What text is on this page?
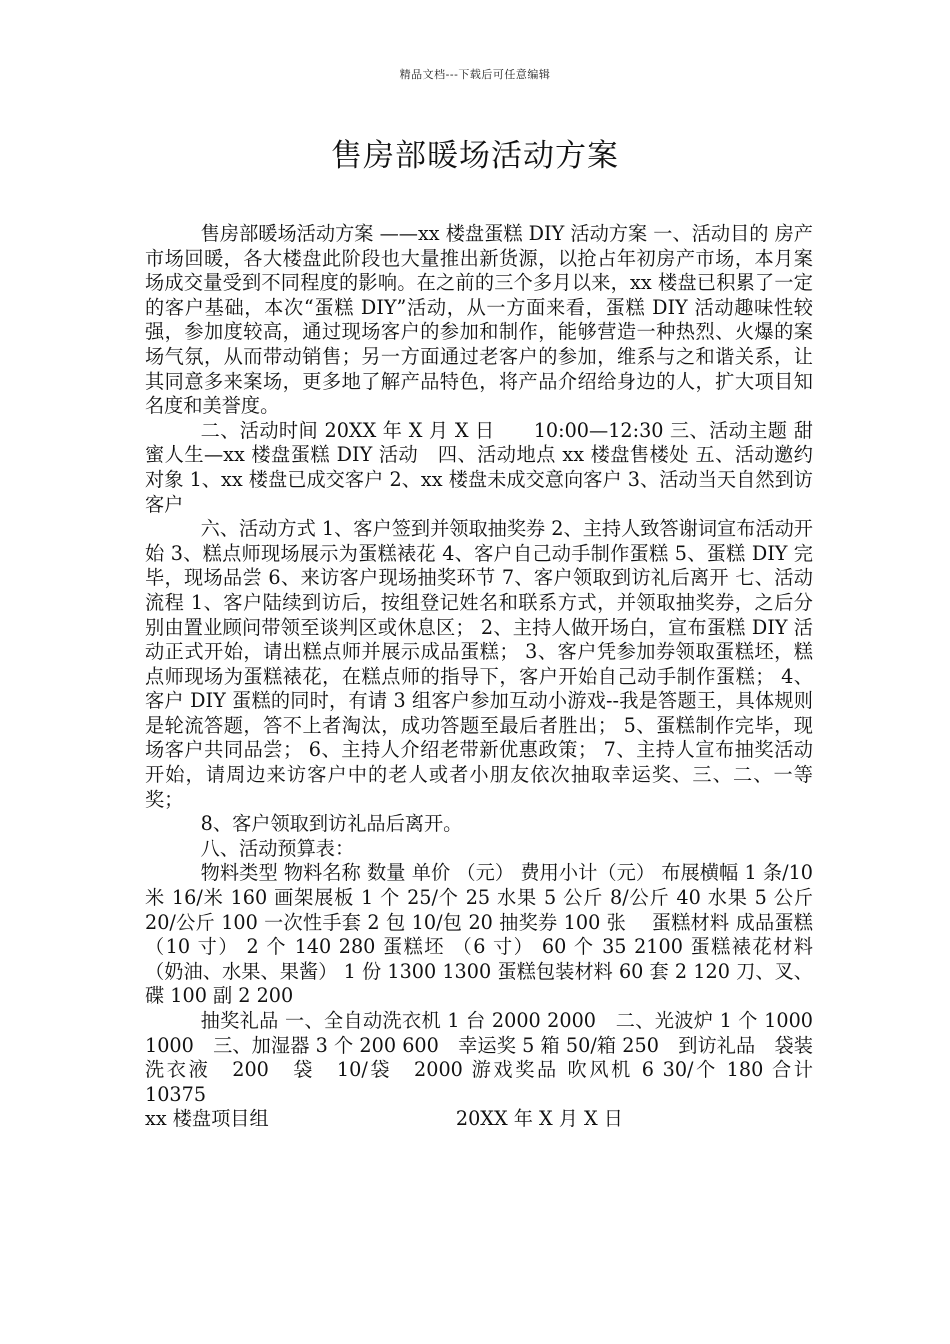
精品文档---下载后可任意编辑
售房部暖场活动方案

售房部暖场活动方案 ——xx 楼盘蛋糕 DIY 活动方案 一、活动目的 房产市场回暖，各大楼盘此阶段也大量推出新货源，以抢占年初房产市场，本月案场成交量受到不同程度的影响。在之前的三个多月以来，xx 楼盘已积累了一定的客户基础，本次“蛋糕 DIY”活动，从一方面来看，蛋糕 DIY 活动趣味性较强，参加度较高，通过现场客户的参加和制作，能够营造一种热烈、火爆的案场气氛，从而带动销售；另一方面通过老客户的参加，维系与之和谐关系，让其同意多来案场，更多地了解产品特色，将产品介绍给身边的人，扩大项目知名度和美誉度。

二、活动时间 20XX 年 X 月 X 日　　10:00—12:30 三、活动主题 甜蜜人生—xx 楼盘蛋糕 DIY 活动　四、活动地点 xx 楼盘售楼处 五、活动邀约对象 1、xx 楼盘已成交客户 2、xx 楼盘未成交意向客户 3、活动当天自然到访客户

六、活动方式 1、客户签到并领取抽奖券 2、主持人致答谢词宣布活动开始 3、糕点师现场展示为蛋糕裱花 4、客户自己动手制作蛋糕 5、蛋糕 DIY 完毕，现场品尝 6、来访客户现场抽奖环节 7、客户领取到访礼后离开 七、活动流程 1、客户陆续到访后，按组登记姓名和联系方式，并领取抽奖券，之后分别由置业顾问带领至谈判区或休息区； 2、主持人做开场白，宣布蛋糕 DIY 活动正式开始，请出糕点师并展示成品蛋糕； 3、客户凭参加券领取蛋糕坯，糕点师现场为蛋糕裱花，在糕点师的指导下，客户开始自己动手制作蛋糕； 4、客户 DIY 蛋糕的同时，有请 3 组客户参加互动小游戏--我是答题王，具体规则是轮流答题，答不上者淘汰，成功答题至最后者胜出； 5、蛋糕制作完毕，现场客户共同品尝； 6、主持人介绍老带新优惠政策； 7、主持人宣布抽奖活动开始，请周边来访客户中的老人或者小朋友依次抽取幸运奖、三、二、一等奖；

8、客户领取到访礼品后离开。

八、活动预算表：

物料类型 物料名称 数量 单价 （元） 费用小计（元） 布展横幅 1 条/10 米 16/米 160 画架展板 1 个 25/个 25 水果 5 公斤 8/公斤 40 水果 5 公斤 20/公斤 100 一次性手套 2 包 10/包 20 抽奖券 100 张　 蛋糕材料 成品蛋糕 （10 寸） 2 个 140 280 蛋糕坯 （6 寸） 60 个 35 2100 蛋糕裱花材料 （奶油、水果、果酱） 1 份 1300 1300 蛋糕包装材料 60 套 2 120 刀、叉、碟 100 副 2 200

抽奖礼品 一、全自动洗衣机 1 台 2000 2000　二、光波炉 1 个 1000 1000　三、加湿器 3 个 200 600　幸运奖 5 箱 50/箱 250　到访礼品　袋装洗衣液　200　袋　10/袋　2000 游戏奖品 吹风机 6 30/个 180 合计　10375

xx 楼盘项目组	20XX 年 X 月 X 日
